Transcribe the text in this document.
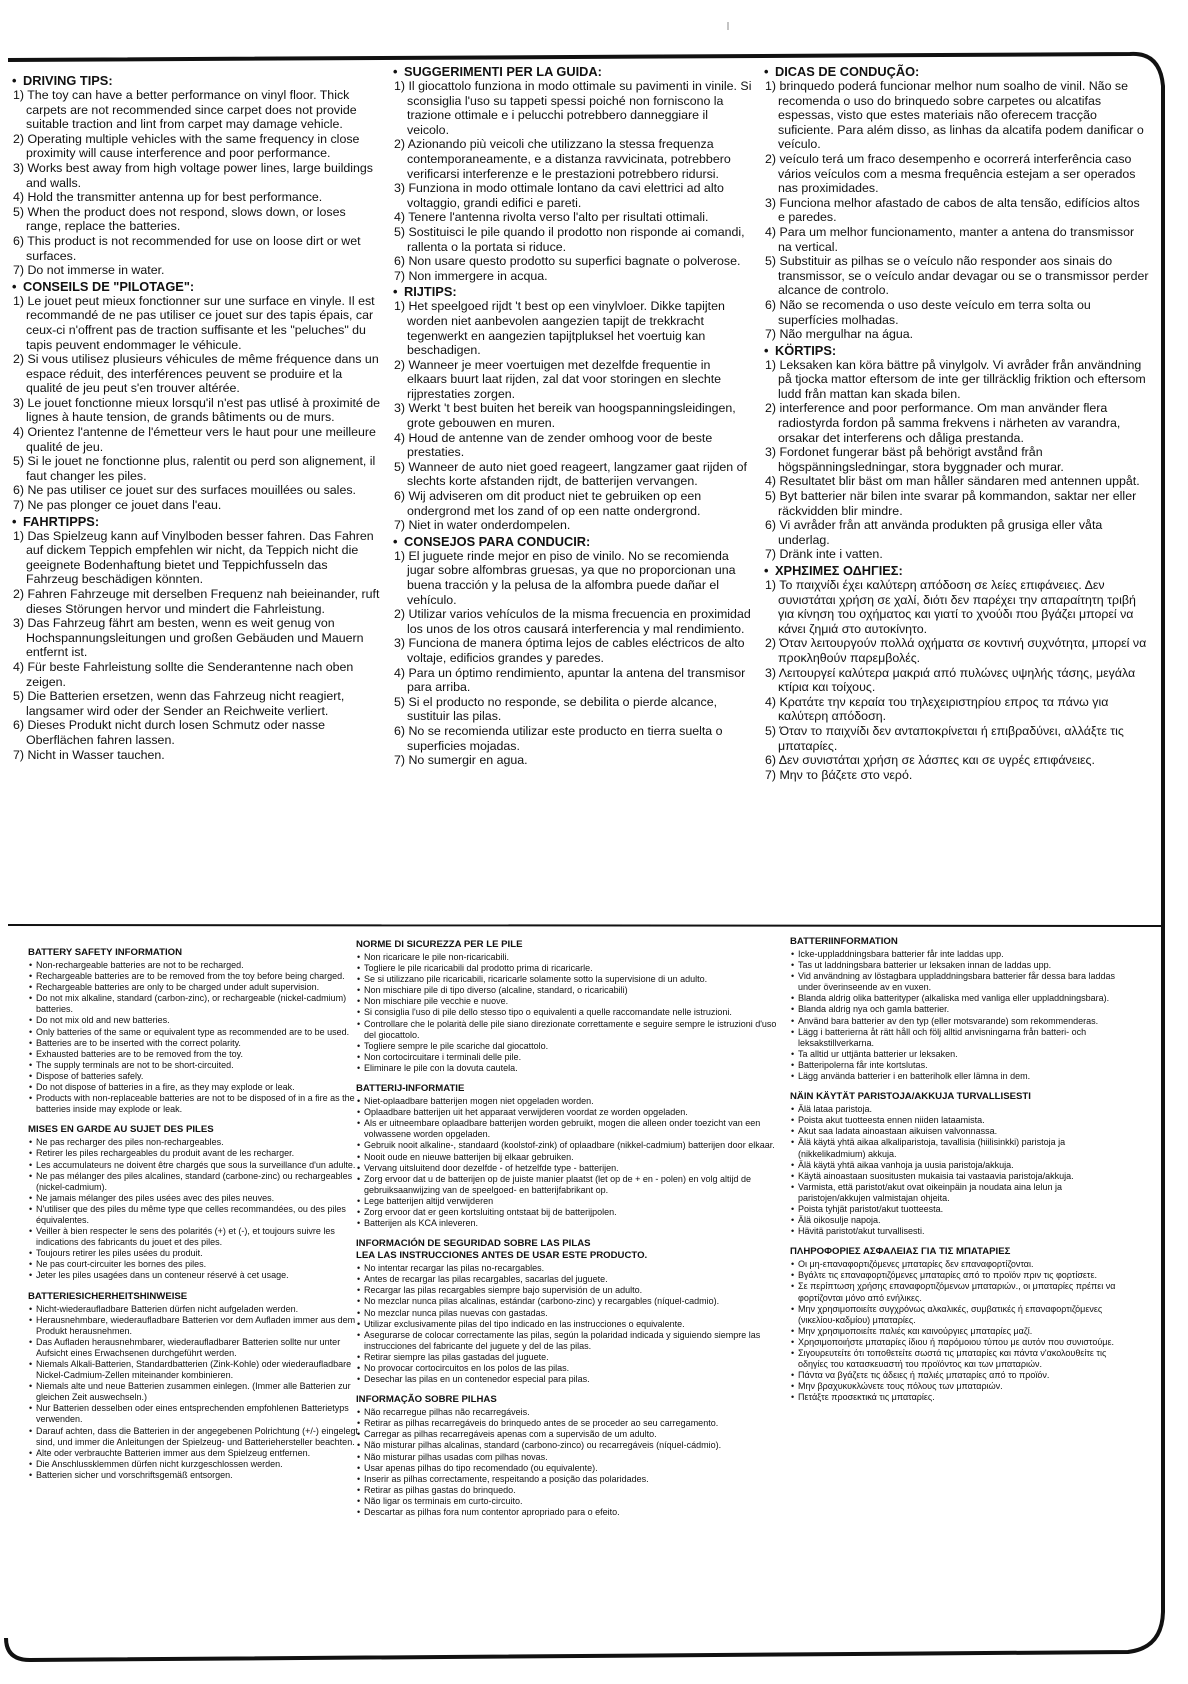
• DRIVING TIPS:
1) The toy can have a better performance on vinyl floor. Thick carpets are not recommended since carpet does not provide suitable traction and lint from carpet may damage vehicle.
2) Operating multiple vehicles with the same frequency in close proximity will cause interference and poor performance.
3) Works best away from high voltage power lines, large buildings and walls.
4) Hold the transmitter antenna up for best performance.
5) When the product does not respond, slows down, or loses range, replace the batteries.
6) This product is not recommended for use on loose dirt or wet surfaces.
7) Do not immerse in water.
• CONSEILS DE "PILOTAGE":
1) Le jouet peut mieux fonctionner sur une surface en vinyle. Il est recommandé de ne pas utiliser ce jouet sur des tapis épais, car ceux-ci n'offrent pas de traction suffisante et les "peluches" du tapis peuvent endommager le véhicule.
2) Si vous utilisez plusieurs véhicules de même fréquence dans un espace réduit, des interférences peuvent se produire et la qualité de jeu peut s'en trouver altérée.
3) Le jouet fonctionne mieux lorsqu'il n'est pas utlisé à proximité de lignes à haute tension, de grands bâtiments ou de murs.
4) Orientez l'antenne de l'émetteur vers le haut pour une meilleure qualité de jeu.
5) Si le jouet ne fonctionne plus, ralentit ou perd son alignement, il faut changer les piles.
6) Ne pas utiliser ce jouet sur des surfaces mouillées ou sales.
7) Ne pas plonger ce jouet dans l'eau.
• FAHRTIPPS:
1) Das Spielzeug kann auf Vinylboden besser fahren. Das Fahren auf dickem Teppich empfehlen wir nicht, da Teppich nicht die geeignete Bodenhaftung bietet und Teppichfusseln das Fahrzeug beschädigen könnten.
2) Fahren Fahrzeuge mit derselben Frequenz nah beieinander, ruft dieses Störungen hervor und mindert die Fahrleistung.
3) Das Fahrzeug fährt am besten, wenn es weit genug von Hochspannungsleitungen und großen Gebäuden und Mauern entfernt ist.
4) Für beste Fahrleistung sollte die Senderantenne nach oben zeigen.
5) Die Batterien ersetzen, wenn das Fahrzeug nicht reagiert, langsamer wird oder der Sender an Reichweite verliert.
6) Dieses Produkt nicht durch losen Schmutz oder nasse Oberflächen fahren lassen.
7) Nicht in Wasser tauchen.
• SUGGERIMENTI PER LA GUIDA:
1) Il giocattolo funziona in modo ottimale su pavimenti in vinile. Si sconsiglia l'uso su tappeti spessi poiché non forniscono la trazione ottimale e i pelucchi potrebbero danneggiare il veicolo.
2) Azionando più veicoli che utilizzano la stessa frequenza contemporaneamente, e a distanza ravvicinata, potrebbero verificarsi interferenze e le prestazioni potrebbero ridursi.
3) Funziona in modo ottimale lontano da cavi elettrici ad alto voltaggio, grandi edifici e pareti.
4) Tenere l'antenna rivolta verso l'alto per risultati ottimali.
5) Sostituisci le pile quando il prodotto non risponde ai comandi, rallenta o la portata si riduce.
6) Non usare questo prodotto su superfici bagnate o polverose.
7) Non immergere in acqua.
• RIJTIPS:
1) Het speelgoed rijdt 't best op een vinylvloer. Dikke tapijten worden niet aanbevolen aangezien tapijt de trekkracht tegenwerkt en aangezien tapijtpluksel het voertuig kan beschadigen.
2) Wanneer je meer voertuigen met dezelfde frequentie in elkaars buurt laat rijden, zal dat voor storingen en slechte rijprestaties zorgen.
3) Werkt 't best buiten het bereik van hoogspanningsleidingen, grote gebouwen en muren.
4) Houd de antenne van de zender omhoog voor de beste prestaties.
5) Wanneer de auto niet goed reageert, langzamer gaat rijden of slechts korte afstanden rijdt, de batterijen vervangen.
6) Wij adviseren om dit product niet te gebruiken op een ondergrond met los zand of op een natte ondergrond.
7) Niet in water onderdompelen.
• CONSEJOS PARA CONDUCIR:
1) El juguete rinde mejor en piso de vinilo. No se recomienda jugar sobre alfombras gruesas, ya que no proporcionan una buena tracción y la pelusa de la alfombra puede dañar el vehículo.
2) Utilizar varios vehículos de la misma frecuencia en proximidad los unos de los otros causará interferencia y mal rendimiento.
3) Funciona de manera óptima lejos de cables eléctricos de alto voltaje, edificios grandes y paredes.
4) Para un óptimo rendimiento, apuntar la antena del transmisor para arriba.
5) Si el producto no responde, se debilita o pierde alcance, sustituir las pilas.
6) No se recomienda utilizar este producto en tierra suelta o superficies mojadas.
7) No sumergir en agua.
• DICAS DE CONDUÇÃO:
1) brinquedo poderá funcionar melhor num soalho de vinil. Não se recomenda o uso do brinquedo sobre carpetes ou alcatifas espessas, visto que estes materiais não oferecem tracção suficiente. Para além disso, as linhas da alcatifa podem danificar o veículo.
2) veículo terá um fraco desempenho e ocorrerá interferência caso vários veículos com a mesma frequência estejam a ser operados nas proximidades.
3) Funciona melhor afastado de cabos de alta tensão, edifícios altos e paredes.
4) Para um melhor funcionamento, manter a antena do transmissor na vertical.
5) Substituir as pilhas se o veículo não responder aos sinais do transmissor, se o veículo andar devagar ou se o transmissor perder alcance de controlo.
6) Não se recomenda o uso deste veículo em terra solta ou superfícies molhadas.
7) Não mergulhar na água.
• KÖRTIPS:
1) Leksaken kan köra bättre på vinylgolv. Vi avråder från användning på tjocka mattor eftersom de inte ger tillräcklig friktion och eftersom ludd från mattan kan skada bilen.
2) interference and poor performance. Om man använder flera radiostyrda fordon på samma frekvens i närheten av varandra, orsakar det interferens och dåliga prestanda.
3) Fordonet fungerar bäst på behörigt avstånd från högspänningsledningar, stora byggnader och murar.
4) Resultatet blir bäst om man håller sändaren med antennen uppåt.
5) Byt batterier när bilen inte svarar på kommandon, saktar ner eller räckvidden blir mindre.
6) Vi avråder från att använda produkten på grusiga eller våta underlag.
7) Dränk inte i vatten.
• ΧΡΗΣΙΜΕΣ ΟΔΗΓΙΕΣ:
1) Το παιχνίδι έχει καλύτερη απόδοση σε λείες επιφάνειες. Δεν συνιστάται χρήση σε χαλί, διότι δεν παρέχει την απαραίτητη τριβή για κίνηση του οχήματος και γιατί το χνούδι που βγάζει μπορεί να κάνει ζημιά στο αυτοκίνητο.
2) Όταν λειτουργούν πολλά οχήματα σε κοντινή συχνότητα, μπορεί να προκληθούν παρεμβολές.
3) Λειτουργεί καλύτερα μακριά από πυλώνες υψηλής τάσης, μεγάλα κτίρια και τοίχους.
4) Κρατάτε την κεραία του τηλεχειριστηρίου επρος τα πάνω για καλύτερη απόδοση.
5) Όταν το παιχνίδι δεν ανταποκρίνεται ή επιβραδύνει, αλλάξτε τις μπαταρίες.
6) Δεν συνιστάται χρήση σε λάσπες και σε υγρές επιφάνειες.
7) Μην το βάζετε στο νερό.
BATTERY SAFETY INFORMATION
• Non-rechargeable batteries are not to be recharged.
• Rechargeable batteries are to be removed from the toy before being charged.
• Rechargeable batteries are only to be charged under adult supervision.
• Do not mix alkaline, standard (carbon-zinc), or rechargeable (nickel-cadmium) batteries.
• Do not mix old and new batteries.
• Only batteries of the same or equivalent type as recommended are to be used.
• Batteries are to be inserted with the correct polarity.
• Exhausted batteries are to be removed from the toy.
• The supply terminals are not to be short-circuited.
• Dispose of batteries safely.
• Do not dispose of batteries in a fire, as they may explode or leak.
• Products with non-replaceable batteries are not to be disposed of in a fire as the batteries inside may explode or leak.
MISES EN GARDE AU SUJET DES PILES
• Ne pas recharger des piles non-rechargeables.
• Retirer les piles rechargeables du produit avant de les recharger.
• Les accumulateurs ne doivent être chargés que sous la surveillance d'un adulte.
• Ne pas mélanger des piles alcalines, standard (carbone-zinc) ou rechargeables (nickel-cadmium).
• Ne jamais mélanger des piles usées avec des piles neuves.
• N'utiliser que des piles du même type que celles recommandées, ou des piles équivalentes.
• Veiller à bien respecter le sens des polarités (+) et (-), et toujours suivre les indications des fabricants du jouet et des piles.
• Toujours retirer les piles usées du produit.
• Ne pas court-circuiter les bornes des piles.
• Jeter les piles usagées dans un conteneur réservé à cet usage.
BATTERIESICHERHEITSHINWEISE
• Nicht-wiederaufladbare Batterien dürfen nicht aufgeladen werden.
• Herausnehmbare, wiederaufladbare Batterien vor dem Aufladen immer aus dem Produkt herausnehmen.
• Das Aufladen herausnehmbarer, wiederaufladbarer Batterien sollte nur unter Aufsicht eines Erwachsenen durchgeführt werden.
• Niemals Alkali-Batterien, Standardbatterien (Zink-Kohle) oder wiederaufladbare Nickel-Cadmium-Zellen miteinander kombinieren.
• Niemals alte und neue Batterien zusammen einlegen. (Immer alle Batterien zur gleichen Zeit auswechseln.)
• Nur Batterien desselben oder eines entsprechenden empfohlenen Batterietyps verwenden.
• Darauf achten, dass die Batterien in der angegebenen Polrichtung (+/-) eingelegt sind, und immer die Anleitungen der Spielzeug- und Batteriehersteller beachten.
• Alte oder verbrauchte Batterien immer aus dem Spielzeug entfernen.
• Die Anschlussklemmen dürfen nicht kurzgeschlossen werden.
• Batterien sicher und vorschriftsgemäß entsorgen.
NORME DI SICUREZZA PER LE PILE
• Non ricaricare le pile non-ricaricabili.
• Togliere le pile ricaricabili dal prodotto prima di ricaricarle.
• Se si utilizzano pile ricaricabili, ricaricarle solamente sotto la supervisione di un adulto.
• Non mischiare pile di tipo diverso (alcaline, standard, o ricaricabili)
• Non mischiare pile vecchie e nuove.
• Si consiglia l'uso di pile dello stesso tipo o equivalenti a quelle raccomandate nelle istruzioni.
• Controllare che le polarità delle pile siano direzionate correttamente e seguire sempre le istruzioni d'uso del giocattolo.
• Togliere sempre le pile scariche dal giocattolo.
• Non cortocircuitare i terminali delle pile.
• Eliminare le pile con la dovuta cautela.
BATTERIJ-INFORMATIE
• Niet-oplaadbare batterijen mogen niet opgeladen worden.
• Oplaadbare batterijen uit het apparaat verwijderen voordat ze worden opgeladen.
• Als er uitneembare oplaadbare batterijen worden gebruikt, mogen die alleen onder toezicht van een volwassene worden opgeladen.
• Gebruik nooit alkaline-, standaard (koolstof-zink) of oplaadbare (nikkel-cadmium) batterijen door elkaar.
• Nooit oude en nieuwe batterijen bij elkaar gebruiken.
• Vervang uitsluitend door dezelfde - of hetzelfde type - batterijen.
• Zorg ervoor dat u de batterijen op de juiste manier plaatst (let op de + en - polen) en volg altijd de gebruiksaanwijzing van de speelgoed- en batterijfabrikant op.
• Lege batterijen altijd verwijderen
• Zorg ervoor dat er geen kortsluiting ontstaat bij de batterijpolen.
• Batterijen als KCA inleveren.
INFORMACIÓN DE SEGURIDAD SOBRE LAS PILAS
LEA LAS INSTRUCCIONES ANTES DE USAR ESTE PRODUCTO.
• No intentar recargar las pilas no-recargables.
• Antes de recargar las pilas recargables, sacarlas del juguete.
• Recargar las pilas recargables siempre bajo supervisión de un adulto.
• No mezclar nunca pilas alcalinas, estándar (carbono-zinc) y recargables (níquel-cadmio).
• No mezclar nunca pilas nuevas con gastadas.
• Utilizar exclusivamente pilas del tipo indicado en las instrucciones o equivalente.
• Asegurarse de colocar correctamente las pilas, según la polaridad indicada y siguiendo siempre las instrucciones del fabricante del juguete y del de las pilas.
• Retirar siempre las pilas gastadas del juguete.
• No provocar cortocircuitos en los polos de las pilas.
• Desechar las pilas en un contenedor especial para pilas.
INFORMAÇÃO SOBRE PILHAS
• Não recarregue pilhas não recarregáveis.
• Retirar as pilhas recarregáveis do brinquedo antes de se proceder ao seu carregamento.
• Carregar as pilhas recarregáveis apenas com a supervisão de um adulto.
• Não misturar pilhas alcalinas, standard (carbono-zinco) ou recarregáveis (níquel-cádmio).
• Não misturar pilhas usadas com pilhas novas.
• Usar apenas pilhas do tipo recomendado (ou equivalente).
• Inserir as pilhas correctamente, respeitando a posição das polaridades.
• Retirar as pilhas gastas do brinquedo.
• Não ligar os terminais em curto-circuito.
• Descartar as pilhas fora num contentor apropriado para o efeito.
BATTERIINFORMATION
• Icke-uppladdningsbara batterier får inte laddas upp.
• Tas ut laddningsbara batterier ur leksaken innan de laddas upp.
• Vid användning av löstagbara uppladdningsbara batterier får dessa bara laddas under överinseende av en vuxen.
• Blanda aldrig olika batterityper (alkaliska med vanliga eller uppladdningsbara).
• Blanda aldrig nya och gamla batterier.
• Använd bara batterier av den typ (eller motsvarande) som rekommenderas.
• Lägg i batterierna åt rätt håll och följ alltid anvisningarna från batteri- och leksakstillverkarna.
• Ta alltid ur uttjänta batterier ur leksaken.
• Batteripolerna får inte kortslutas.
• Lägg använda batterier i en batteriholk eller lämna in dem.
NÄIN KÄYTÄT PARISTOJA/AKKUJA TURVALLISESTI
• Älä lataa paristoja.
• Poista akut tuotteesta ennen niiden lataamista.
• Akut saa ladata ainoastaan aikuisen valvonnassa.
• Älä käytä yhtä aikaa alkaliparistoja, tavallisia (hiilisinkki) paristoja ja (nikkelikadmium) akkuja.
• Älä käytä yhtä aikaa vanhoja ja uusia paristoja/akkuja.
• Käytä ainoastaan suositusten mukaisia tai vastaavia paristoja/akkuja.
• Varmista, että paristot/akut ovat oikeinpäin ja noudata aina lelun ja paristojen/akkujen valmistajan ohjeita.
• Poista tyhjät paristot/akut tuotteesta.
• Älä oikosulje napoja.
• Hävitä paristot/akut turvallisesti.
ΠΛΗΡΟΦΟΡΙΕΣ ΑΣΦΑΛΕΙΑΣ ΓΙΑ ΤΙΣ ΜΠΑΤΑΡΙΕΣ
• Οι μη-επαναφορτιζόμενες μπαταρίες δεν επαναφορτίζονται.
• Βγάλτε τις επαναφορτιζόμενες μπαταρίες από το προϊόν πριν τις φορτίσετε.
• Σε περίπτωση χρήσης επαναφορτιζόμενων μπαταριών., οι μπαταρίες πρέπει να φορτίζονται μόνο από ενήλικες.
• Μην χρησιμοποιείτε συγχρόνως αλκαλικές, συμβατικές ή επαναφορτιζόμενες (νικελίου-καδμίου) μπαταρίες.
• Μην χρησιμοποιείτε παλιές και καινούργιες μπαταρίες μαζί.
• Χρησιμοποιήστε μπαταρίες ίδιου ή παρόμοιου τύπου με αυτόν που συνιστούμε.
• Σιγουρευτείτε ότι τοποθετείτε σωστά τις μπαταρίες και πάντα ν'ακολουθείτε τις οδηγίες του κατασκευαστή του προϊόντος και των μπαταριών.
• Πάντα να βγάζετε τις άδειες ή παλιές μπαταρίες από το προϊόν.
• Μην βραχυκυκλώνετε τους πόλους των μπαταριών.
• Πετάξτε προσεκτικά τις μπαταρίες.
